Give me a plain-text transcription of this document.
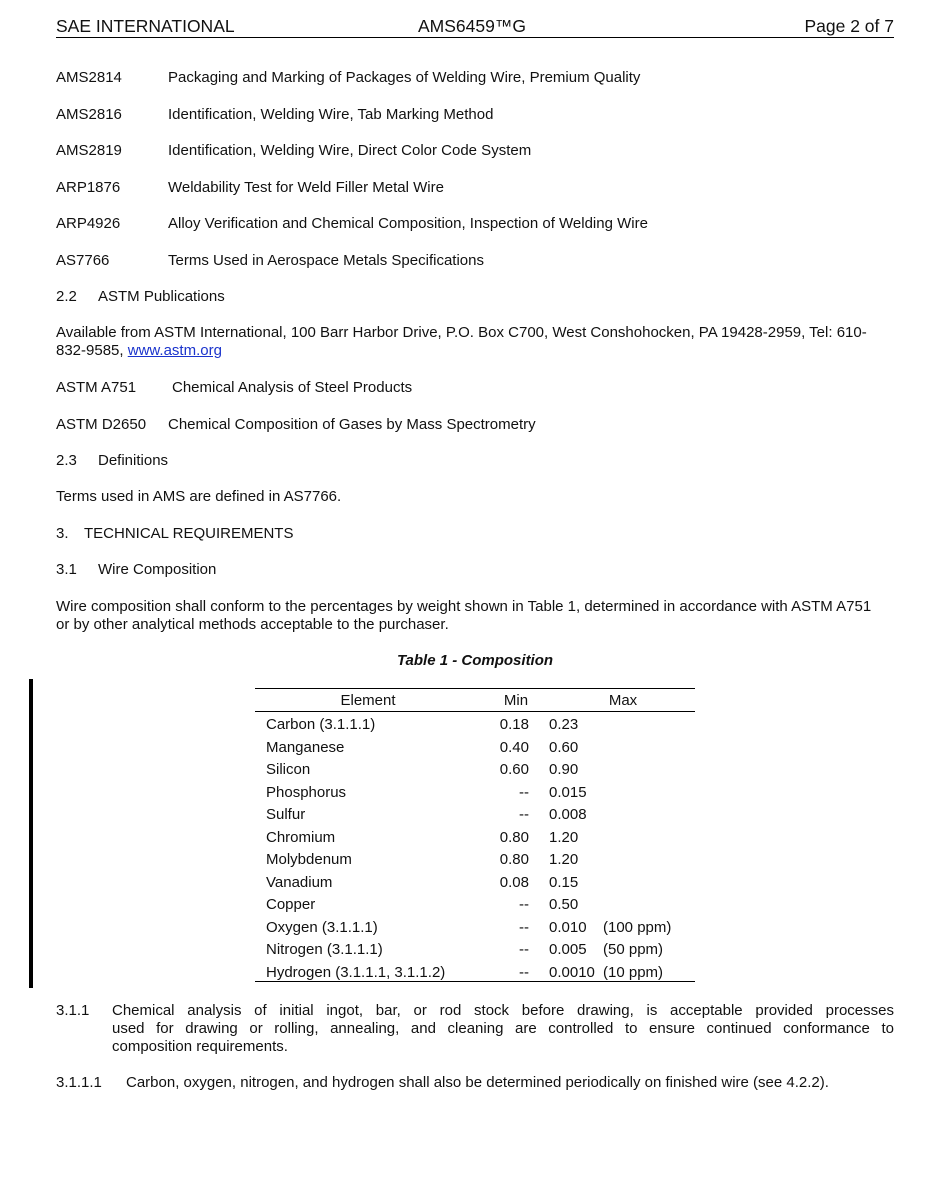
SAE INTERNATIONAL	AMS6459™G	Page 2 of 7
AMS2814	Packaging and Marking of Packages of Welding Wire, Premium Quality
AMS2816	Identification, Welding Wire, Tab Marking Method
AMS2819	Identification, Welding Wire, Direct Color Code System
ARP1876	Weldability Test for Weld Filler Metal Wire
ARP4926	Alloy Verification and Chemical Composition, Inspection of Welding Wire
AS7766	Terms Used in Aerospace Metals Specifications
2.2 ASTM Publications
Available from ASTM International, 100 Barr Harbor Drive, P.O. Box C700, West Conshohocken, PA 19428-2959, Tel: 610-
832-9585, www.astm.org
ASTM A751 Chemical Analysis of Steel Products
ASTM D2650 Chemical Composition of Gases by Mass Spectrometry
2.3 Definitions
Terms used in AMS are defined in AS7766.
3. TECHNICAL REQUIREMENTS
3.1 Wire Composition
Wire composition shall conform to the percentages by weight shown in Table 1, determined in accordance with ASTM A751
or by other analytical methods acceptable to the purchaser.
Table 1 - Composition
Element	Min	Max
Carbon (3.1.1.1)	0.18 0.23
Manganese	0.40 0.60
Silicon	0.60 0.90
Phosphorus	-- 0.015
Sulfur	-- 0.008
Chromium	0.80 1.20
Molybdenum	0.80 1.20
Vanadium	0.08 0.15
Copper	-- 0.50
Oxygen (3.1.1.1)	-- 0.010 (100 ppm)
Nitrogen (3.1.1.1)	-- 0.005 (50 ppm)
Hydrogen (3.1.1.1, 3.1.1.2)	-- 0.0010 (10 ppm)
3.1.1 Chemical analysis of initial ingot, bar, or rod stock before drawing, is acceptable provided processes
used for drawing or rolling, annealing, and cleaning are controlled to ensure continued conformance to
composition requirements.
3.1.1.1 Carbon, oxygen, nitrogen, and hydrogen shall also be determined periodically on finished wire (see 4.2.2).
